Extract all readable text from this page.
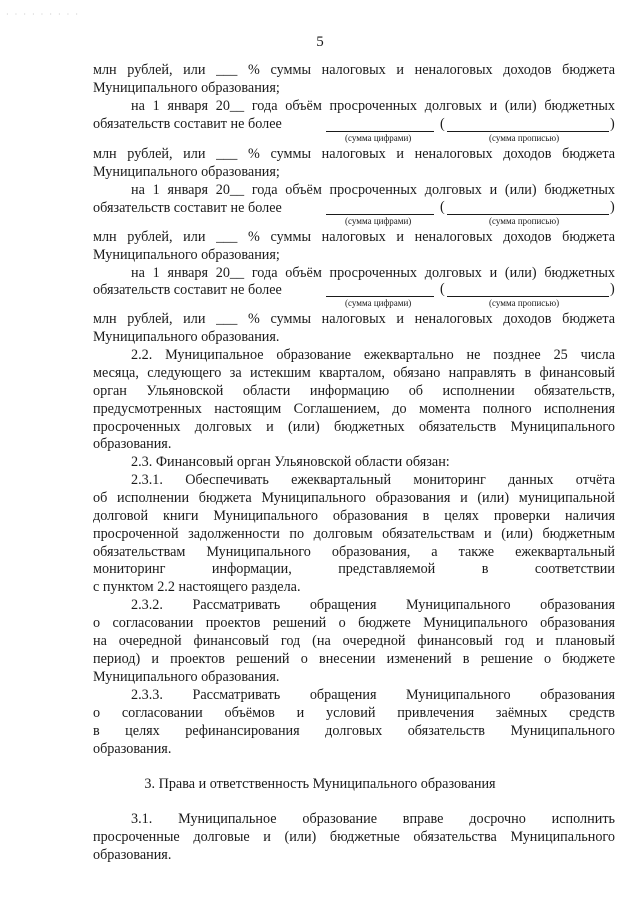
· · · · · · · · ·
5
млн рублей, или ___ % суммы налоговых и неналоговых доходов бюджета
Муниципального образования;
на 1 января 20__ года объём просроченных долговых и (или) бюджетных
обязательств составит не более	(	)
(сумма цифрами)	(сумма прописью)
млн рублей, или ___ % суммы налоговых и неналоговых доходов бюджета
Муниципального образования;
на 1 января 20__ года объём просроченных долговых и (или) бюджетных
обязательств составит не более	(	)
(сумма цифрами)	(сумма прописью)
млн рублей, или ___ % суммы налоговых и неналоговых доходов бюджета
Муниципального образования;
на 1 января 20__ года объём просроченных долговых и (или) бюджетных
обязательств составит не более	(	)
(сумма цифрами)	(сумма прописью)
млн рублей, или ___ % суммы налоговых и неналоговых доходов бюджета
Муниципального образования.
2.2. Муниципальное образование ежеквартально не позднее 25 числа
месяца, следующего за истекшим кварталом, обязано направлять в финансовый
орган Ульяновской области информацию об исполнении обязательств,
предусмотренных настоящим Соглашением, до момента полного исполнения
просроченных долговых и (или) бюджетных обязательств Муниципального
образования.
2.3. Финансовый орган Ульяновской области обязан:
2.3.1. Обеспечивать ежеквартальный мониторинг данных отчёта
об исполнении бюджета Муниципального образования и (или) муниципальной
долговой книги Муниципального образования в целях проверки наличия
просроченной задолженности по долговым обязательствам и (или) бюджетным
обязательствам Муниципального образования, а также ежеквартальный
мониторинг информации, представляемой в соответствии
с пунктом 2.2 настоящего раздела.
2.3.2. Рассматривать обращения Муниципального образования
о согласовании проектов решений о бюджете Муниципального образования
на очередной финансовый год (на очередной финансовый год и плановый
период) и проектов решений о внесении изменений в решение о бюджете
Муниципального образования.
2.3.3. Рассматривать обращения Муниципального образования
о согласовании объёмов и условий привлечения заёмных средств
в целях рефинансирования долговых обязательств Муниципального
образования.
3. Права и ответственность Муниципального образования
3.1. Муниципальное образование вправе досрочно исполнить
просроченные долговые и (или) бюджетные обязательства Муниципального
образования.
